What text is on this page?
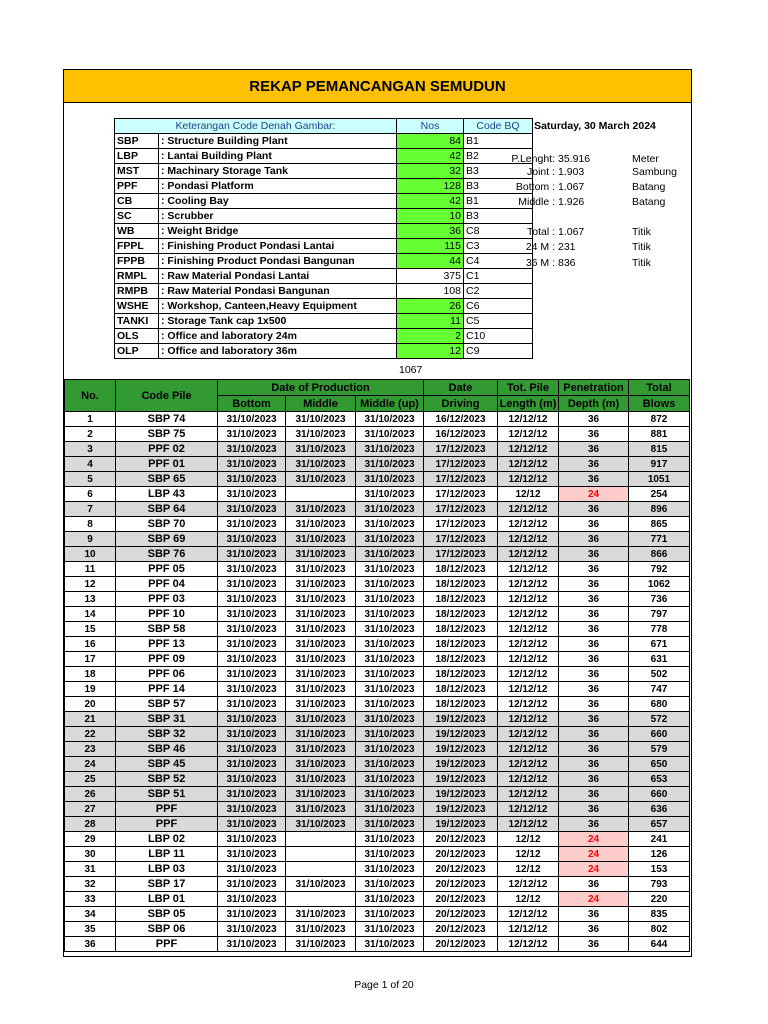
REKAP PEMANCANGAN SEMUDUN
Keterangan Code Denah Gambar:		Nos	Code BQ
SBP	: Structure Building Plant	84	B1
LBP	: Lantai Building Plant	42	B2
MST	: Machinary Storage Tank	32	B3
PPF	: Pondasi Platform	128	B3
CB	: Cooling Bay	42	B1
SC	: Scrubber	10	B3
WB	: Weight Bridge	36	C8
FPPL	: Finishing Product Pondasi Lantai	115	C3
FPPB	: Finishing Product Pondasi Bangunan	44	C4
RMPL	: Raw Material Pondasi Lantai	375	C1
RMPB	: Raw Material Pondasi Bangunan	108	C2
WSHE	: Workshop, Canteen,Heavy Equipment	26	C6
TANKI	: Storage Tank cap 1x500	11	C5
OLS	: Office and laboratory 24m	2	C10
OLP	: Office and laboratory 36m	12	C9
1067
Saturday, 30 March 2024
P.Lenght: 35.916	Meter
Joint : 1.903	Sambung
Bottom : 1.067	Batang
Middle : 1.926	Batang
Total : 1.067	Titik
24 M : 231	Titik
36 M : 836	Titik
No.	Code Pile	Date of Production			Date	Tot. Pile	Penetration	Total
		Bottom	Middle	Middle (up)	Driving	Length (m)	Depth (m)	Blows
1	SBP 74	31/10/2023	31/10/2023	31/10/2023	16/12/2023	12/12/12	36	872
2	SBP 75	31/10/2023	31/10/2023	31/10/2023	16/12/2023	12/12/12	36	881
3	PPF 02	31/10/2023	31/10/2023	31/10/2023	17/12/2023	12/12/12	36	815
4	PPF 01	31/10/2023	31/10/2023	31/10/2023	17/12/2023	12/12/12	36	917
5	SBP 65	31/10/2023	31/10/2023	31/10/2023	17/12/2023	12/12/12	36	1051
6	LBP 43	31/10/2023		31/10/2023	17/12/2023	12/12	24	254
7	SBP 64	31/10/2023	31/10/2023	31/10/2023	17/12/2023	12/12/12	36	896
8	SBP 70	31/10/2023	31/10/2023	31/10/2023	17/12/2023	12/12/12	36	865
9	SBP 69	31/10/2023	31/10/2023	31/10/2023	17/12/2023	12/12/12	36	771
10	SBP 76	31/10/2023	31/10/2023	31/10/2023	17/12/2023	12/12/12	36	866
11	PPF 05	31/10/2023	31/10/2023	31/10/2023	18/12/2023	12/12/12	36	792
12	PPF 04	31/10/2023	31/10/2023	31/10/2023	18/12/2023	12/12/12	36	1062
13	PPF 03	31/10/2023	31/10/2023	31/10/2023	18/12/2023	12/12/12	36	736
14	PPF 10	31/10/2023	31/10/2023	31/10/2023	18/12/2023	12/12/12	36	797
15	SBP 58	31/10/2023	31/10/2023	31/10/2023	18/12/2023	12/12/12	36	778
16	PPF 13	31/10/2023	31/10/2023	31/10/2023	18/12/2023	12/12/12	36	671
17	PPF 09	31/10/2023	31/10/2023	31/10/2023	18/12/2023	12/12/12	36	631
18	PPF 06	31/10/2023	31/10/2023	31/10/2023	18/12/2023	12/12/12	36	502
19	PPF 14	31/10/2023	31/10/2023	31/10/2023	18/12/2023	12/12/12	36	747
20	SBP 57	31/10/2023	31/10/2023	31/10/2023	18/12/2023	12/12/12	36	680
21	SBP 31	31/10/2023	31/10/2023	31/10/2023	19/12/2023	12/12/12	36	572
22	SBP 32	31/10/2023	31/10/2023	31/10/2023	19/12/2023	12/12/12	36	660
23	SBP 46	31/10/2023	31/10/2023	31/10/2023	19/12/2023	12/12/12	36	579
24	SBP 45	31/10/2023	31/10/2023	31/10/2023	19/12/2023	12/12/12	36	650
25	SBP 52	31/10/2023	31/10/2023	31/10/2023	19/12/2023	12/12/12	36	653
26	SBP 51	31/10/2023	31/10/2023	31/10/2023	19/12/2023	12/12/12	36	660
27	PPF	31/10/2023	31/10/2023	31/10/2023	19/12/2023	12/12/12	36	636
28	PPF	31/10/2023	31/10/2023	31/10/2023	19/12/2023	12/12/12	36	657
29	LBP 02	31/10/2023		31/10/2023	20/12/2023	12/12	24	241
30	LBP 11	31/10/2023		31/10/2023	20/12/2023	12/12	24	126
31	LBP 03	31/10/2023		31/10/2023	20/12/2023	12/12	24	153
32	SBP 17	31/10/2023	31/10/2023	31/10/2023	20/12/2023	12/12/12	36	793
33	LBP 01	31/10/2023		31/10/2023	20/12/2023	12/12	24	220
34	SBP 05	31/10/2023	31/10/2023	31/10/2023	20/12/2023	12/12/12	36	835
35	SBP 06	31/10/2023	31/10/2023	31/10/2023	20/12/2023	12/12/12	36	802
36	PPF	31/10/2023	31/10/2023	31/10/2023	20/12/2023	12/12/12	36	644
Page 1 of 20
